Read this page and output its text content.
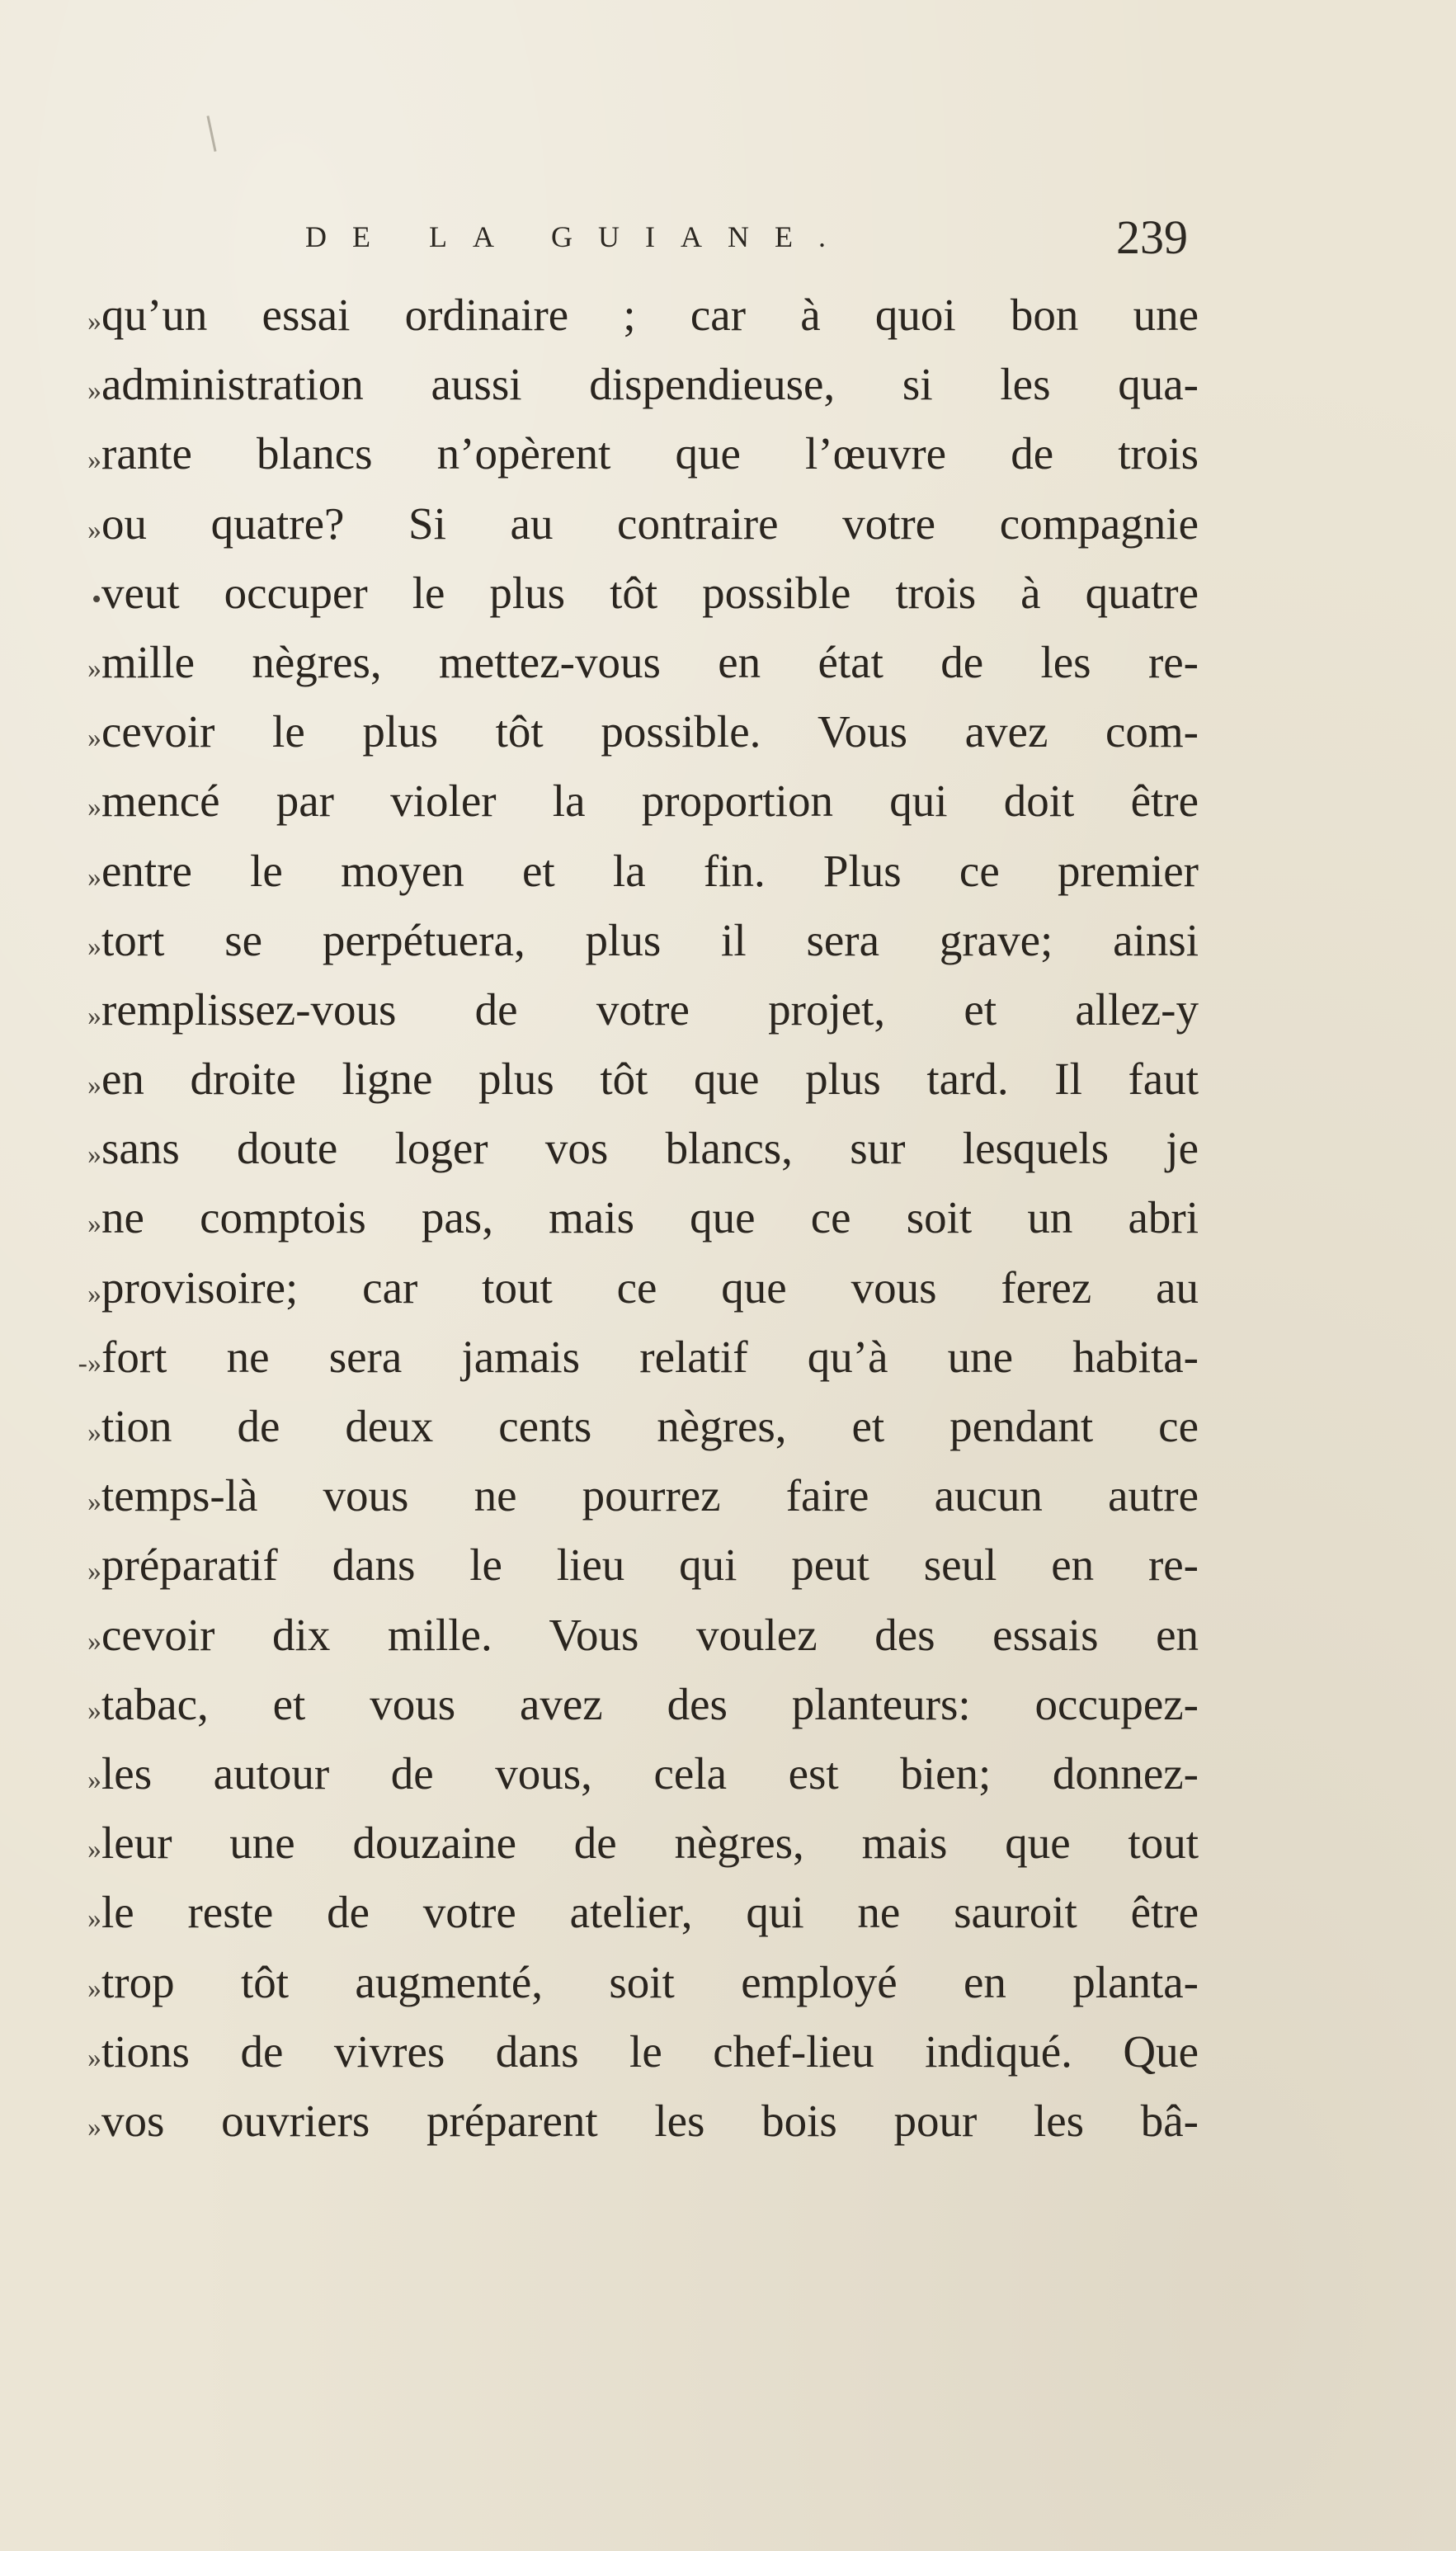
DE LA GUIANE.	239
» qu’un essai ordinaire ; car à quoi bon une
» administration aussi dispendieuse, si les qua-
» rante blancs n’opèrent que l’œuvre de trois
» ou quatre? Si au contraire votre compagnie
• veut occuper le plus tôt possible trois à quatre
» mille nègres, mettez-vous en état de les re-
» cevoir le plus tôt possible. Vous avez com-
» mencé par violer la proportion qui doit être
» entre le moyen et la fin. Plus ce premier
» tort se perpétuera, plus il sera grave; ainsi
» remplissez-vous de votre projet, et allez-y
» en droite ligne plus tôt que plus tard. Il faut
» sans doute loger vos blancs, sur lesquels je
» ne comptois pas, mais que ce soit un abri
» provisoire; car tout ce que vous ferez au
-» fort ne sera jamais relatif qu’à une habita-
» tion de deux cents nègres, et pendant ce
» temps-là vous ne pourrez faire aucun autre
» préparatif dans le lieu qui peut seul en re-
» cevoir dix mille. Vous voulez des essais en
» tabac, et vous avez des planteurs: occupez-
» les autour de vous, cela est bien; donnez-
» leur une douzaine de nègres, mais que tout
» le reste de votre atelier, qui ne sauroit être
» trop tôt augmenté, soit employé en planta-
» tions de vivres dans le chef-lieu indiqué. Que
» vos ouvriers préparent les bois pour les bâ-
